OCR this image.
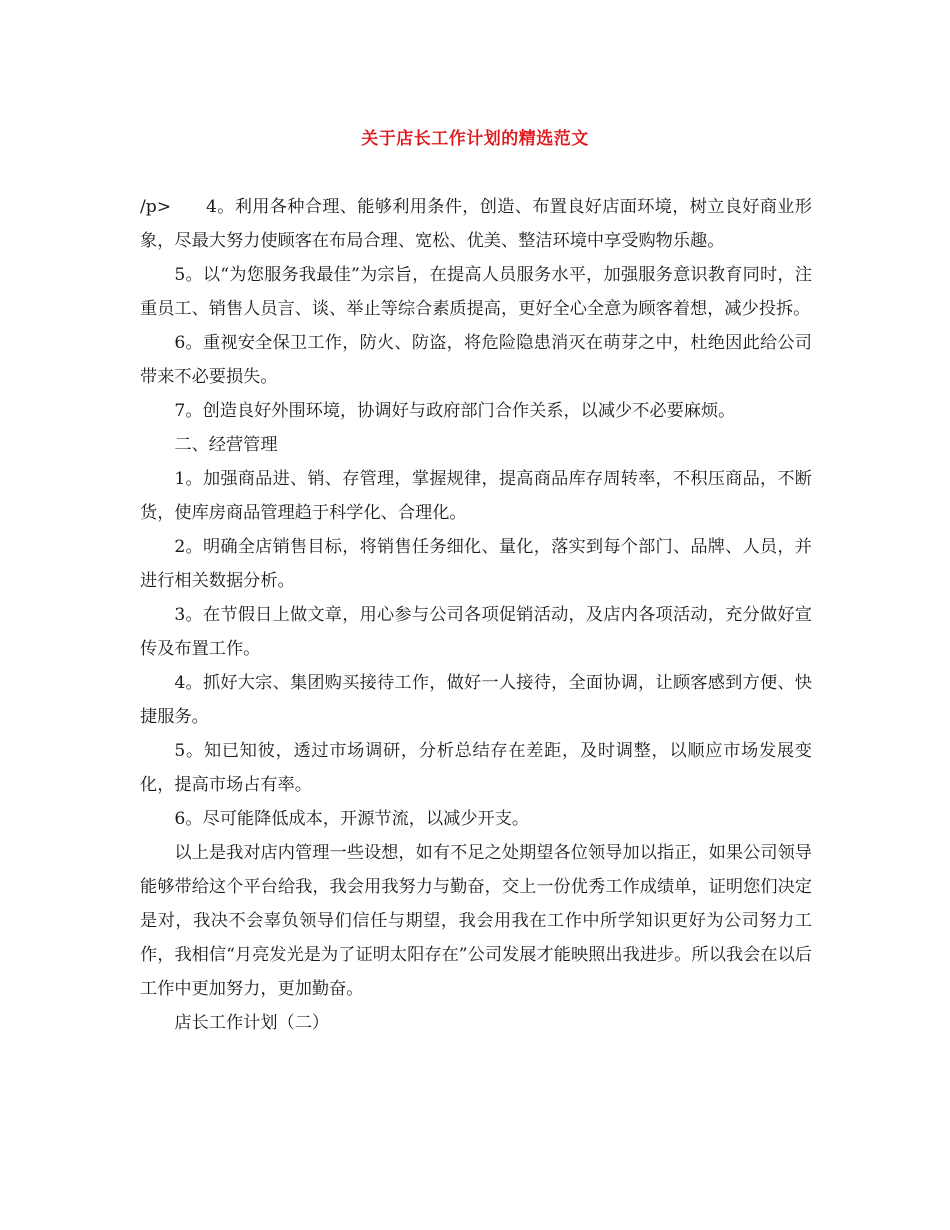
关于店长工作计划的精选范文

/p> 4。利用各种合理、能够利用条件，创造、布置良好店面环境，树立良好商业形象，尽最大努力使顾客在布局合理、宽松、优美、整洁环境中享受购物乐趣。

5。以“为您服务我最佳”为宗旨，在提高人员服务水平，加强服务意识教育同时，注重员工、销售人员言、谈、举止等综合素质提高，更好全心全意为顾客着想，减少投拆。

6。重视安全保卫工作，防火、防盗，将危险隐患消灭在萌芽之中，杜绝因此给公司带来不必要损失。

7。创造良好外围环境，协调好与政府部门合作关系，以减少不必要麻烦。

二、经营管理

1。加强商品进、销、存管理，掌握规律，提高商品库存周转率，不积压商品，不断货，使库房商品管理趋于科学化、合理化。

2。明确全店销售目标，将销售任务细化、量化，落实到每个部门、品牌、人员，并进行相关数据分析。

3。在节假日上做文章，用心参与公司各项促销活动，及店内各项活动，充分做好宣传及布置工作。

4。抓好大宗、集团购买接待工作，做好一人接待，全面协调，让顾客感到方便、快捷服务。

5。知已知彼，透过市场调研，分析总结存在差距，及时调整，以顺应市场发展变化，提高市场占有率。

6。尽可能降低成本，开源节流，以减少开支。

以上是我对店内管理一些设想，如有不足之处期望各位领导加以指正，如果公司领导能够带给这个平台给我，我会用我努力与勤奋，交上一份优秀工作成绩单，证明您们决定是对，我决不会辜负领导们信任与期望，我会用我在工作中所学知识更好为公司努力工作，我相信“月亮发光是为了证明太阳存在”公司发展才能映照出我进步。所以我会在以后工作中更加努力，更加勤奋。

店长工作计划（二）
